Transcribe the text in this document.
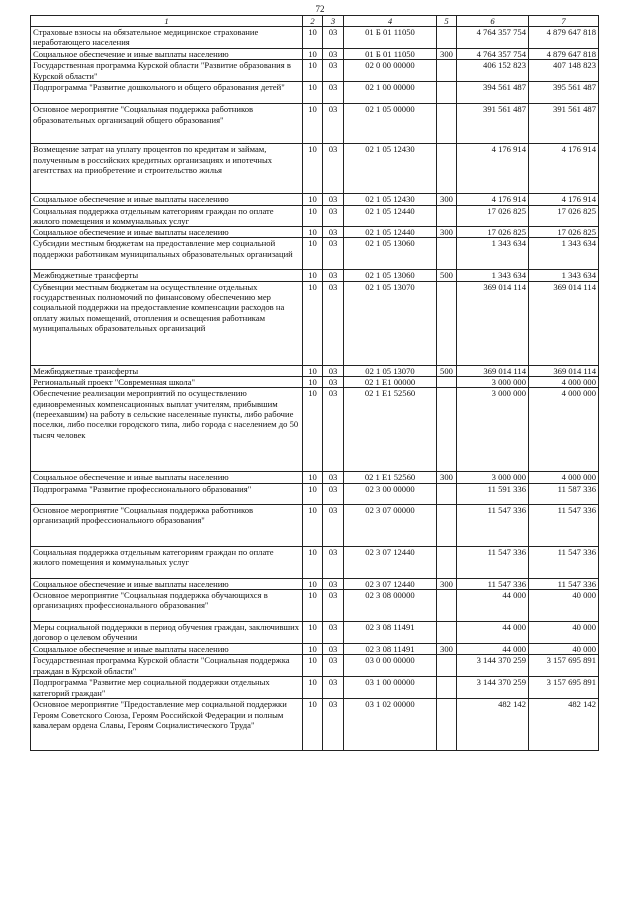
72
1	2	3	4	5	6	7
Страховые взносы на обязательное медицинское страхование неработающего населения	10	03	01 Б 01 11050		4 764 357 754	4 879 647 818
Социальное обеспечение и иные выплаты населению	10	03	01 Б 01 11050	300	4 764 357 754	4 879 647 818
Государственная программа Курской области "Развитие образования в Курской области"	10	03	02 0 00 00000		406 152 823	407 148 823
Подпрограмма "Развитие дошкольного и общего образования детей"	10	03	02 1 00 00000		394 561 487	395 561 487
Основное мероприятие "Социальная поддержка работников образовательных организаций общего образования"	10	03	02 1 05 00000		391 561 487	391 561 487
Возмещение затрат на уплату процентов по кредитам и займам, полученным в российских кредитных организациях и ипотечных агентствах на приобретение и строительство жилья	10	03	02 1 05 12430		4 176 914	4 176 914
Социальное обеспечение и иные выплаты населению	10	03	02 1 05 12430	300	4 176 914	4 176 914
Социальная поддержка отдельным категориям граждан по оплате жилого помещения и коммунальных услуг	10	03	02 1 05 12440		17 026 825	17 026 825
Социальное обеспечение и иные выплаты населению	10	03	02 1 05 12440	300	17 026 825	17 026 825
Субсидии местным бюджетам на предоставление мер социальной поддержки работникам муниципальных образовательных организаций	10	03	02 1 05 13060		1 343 634	1 343 634
Межбюджетные трансферты	10	03	02 1 05 13060	500	1 343 634	1 343 634
Субвенции местным бюджетам на осуществление отдельных государственных полномочий по финансовому обеспечению мер социальной поддержки на предоставление компенсации расходов на оплату жилых помещений, отопления и освещения работникам муниципальных образовательных организаций	10	03	02 1 05 13070		369 014 114	369 014 114
Межбюджетные трансферты	10	03	02 1 05 13070	500	369 014 114	369 014 114
Региональный проект "Современная школа"	10	03	02 1 E1 00000		3 000 000	4 000 000
Обеспечение реализации мероприятий по осуществлению единовременных компенсационных выплат учителям, прибывшим (переехавшим) на работу в сельские населенные пункты, либо рабочие поселки, либо поселки городского типа, либо города с населением до 50 тысяч человек	10	03	02 1 E1 52560		3 000 000	4 000 000
Социальное обеспечение и иные выплаты населению	10	03	02 1 E1 52560	300	3 000 000	4 000 000
Подпрограмма "Развитие профессионального образования"	10	03	02 3 00 00000		11 591 336	11 587 336
Основное мероприятие "Социальная поддержка работников организаций профессионального образования"	10	03	02 3 07 00000		11 547 336	11 547 336
Социальная поддержка отдельным категориям граждан по оплате жилого помещения и коммунальных услуг	10	03	02 3 07 12440		11 547 336	11 547 336
Социальное обеспечение и иные выплаты населению	10	03	02 3 07 12440	300	11 547 336	11 547 336
Основное мероприятие "Социальная поддержка обучающихся в организациях профессионального образования"	10	03	02 3 08 00000		44 000	40 000
Меры социальной поддержки в период обучения граждан, заключивших договор о целевом обучении	10	03	02 3 08 11491		44 000	40 000
Социальное обеспечение и иные выплаты населению	10	03	02 3 08 11491	300	44 000	40 000
Государственная программа Курской области "Социальная поддержка граждан в Курской области"	10	03	03 0 00 00000		3 144 370 259	3 157 695 891
Подпрограмма "Развитие мер социальной поддержки отдельных категорий граждан"	10	03	03 1 00 00000		3 144 370 259	3 157 695 891
Основное мероприятие "Предоставление мер социальной поддержки Героям Советского Союза, Героям Российской Федерации и полным кавалерам ордена Славы, Героям Социалистического Труда"	10	03	03 1 02 00000		482 142	482 142
